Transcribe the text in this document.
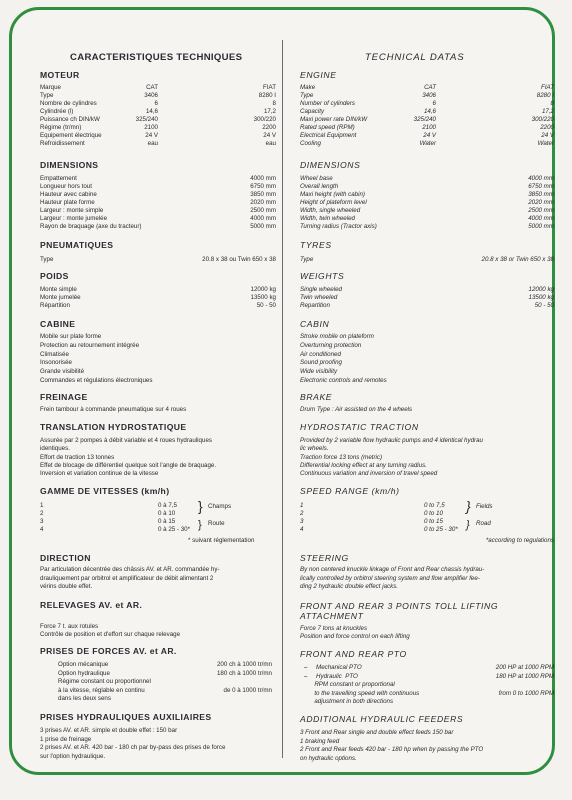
CARACTERISTIQUES TECHNIQUES	TECHNICAL DATAS
MOTEUR
Marque	CAT	FIAT
Type	3406	8280 I
Nombre de cylindres	6	8
Cylindrée (l)	14,6	17,2
Puissance ch DIN/kW	325/240	300/220
Régime (tr/mn)	2100	2200
Equipement électrique	24 V	24 V
Refroidissement	eau	eau
DIMENSIONS
Empattement	4000 mm
Longueur hors tout	6750 mm
Hauteur avec cabine	3850 mm
Hauteur plate forme	2020 mm
Largeur : monte simple	2500 mm
Largeur : monte jumelée	4000 mm
Rayon de braquage (axe du tracteur)	5000 mm
PNEUMATIQUES
Type	20.8 x 38 ou Twin 650 x 38
POIDS
Monte simple	12000 kg
Monte jumelée	13500 kg
Répartition	50 - 50
CABINE
Mobile sur plate forme
Protection au retournement intégrée
Climatisée
Insonorisée
Grande visibilité
Commandes et régulations électroniques
FREINAGE
Frein tambour à commande pneumatique sur 4 roues
TRANSLATION HYDROSTATIQUE
Assurée par 2 pompes à débit variable et 4 roues hydrauliques
identiques.
Effort de traction 13 tonnes
Effet de blocage de différentiel quelque soit l'angle de braquage.
Inversion et variation continue de la vitesse
GAMME DE VITESSES (km/h)
1	0 à 7,5
2	0 à 10
3	0 à 15
4	0 à 25 - 30*
} Champs
} Route
* suivant réglementation
DIRECTION
Par articulation décentrée des châssis AV. et AR. commandée hy-
drauliquement par orbitrol et amplificateur de débit alimentant 2
vérins double effet.
RELEVAGES AV. et AR.
Force 7 t. aux rotules
Contrôle de position et d'effort sur chaque relevage
PRISES DE FORCES AV. et AR.
Option mécanique	200 ch à 1000 tr/mn
Option hydraulique	180 ch à 1000 tr/mn
Régime constant ou proportionnel
à la vitesse, réglable en continu	de 0 à 1000 tr/mn
dans les deux sens
PRISES HYDRAULIQUES AUXILIAIRES
3 prises AV. et AR. simple et double effet : 150 bar
1 prise de freinage
2 prises AV. et AR. 420 bar - 180 ch par by-pass des prises de force
sur l'option hydraulique.
ENGINE
Make	CAT	FIAT
Type	3406	8280 I
Number of cylinders	6	8
Capacity	14,6	17,2
Maxi power rate DIN/kW	325/240	300/220
Rated speed (RPM)	2100	2200
Electrical Equipment	24 V	24 V
Cooling	Water	Water
DIMENSIONS
Wheel base	4000 mm
Overall length	6750 mm
Maxi height (with cabin)	3850 mm
Height of plateform level	2020 mm
Width, single wheeled	2500 mm
Width, twin wheeled	4000 mm
Turning radius (Tractor axis)	5000 mm
TYRES
Type	20.8 x 38 or Twin 650 x 38
WEIGHTS
Single wheeled	12000 kg
Twin wheeled	13500 kg
Repartition	50 - 50
CABIN
Stroke mobile on plateform
Overturning protection
Air conditioned
Sound proofing
Wide visibility
Electronic controls and remotes
BRAKE
Drum Type : Air assisted on the 4 wheels
HYDROSTATIC TRACTION
Provided by 2 variable flow hydraulic pumps and 4 identical hydrau
lic wheels.
Traction force 13 tons (metric)
Differential locking effect at any turning radius.
Continuous variation and inversion of travel speed
SPEED RANGE (km/h)
1	0 to 7,5
2	0 to 10
3	0 to 15
4	0 to 25 - 30*
} Fields
} Road
*according to regulations
STEERING
By non centered knuckle linkage of Front and Rear chassis hydrau-
lically controlled by orbitrol steering system and flow amplifier fee-
ding 2 hydraulic double effect jacks.
FRONT AND REAR 3 POINTS TOLL LIFTING
ATTACHMENT
Force 7 tons at knuckles
Position and force control on each lifting
FRONT AND REAR PTO
–     Mechanical PTO	200 HP at 1000 RPM
–     Hydraulic  PTO	180 HP at 1000 RPM
RPM constant or proportional
to the travelling speed with continuous	from 0 to 1000 RPM
adjustment in both directions
ADDITIONAL HYDRAULIC FEEDERS
3 Front and Rear single and double effect feeds 150 bar
1 braking feed
2 Front and Rear feeds 420 bar - 180 hp when by passing the PTO
on hydraulic options.
